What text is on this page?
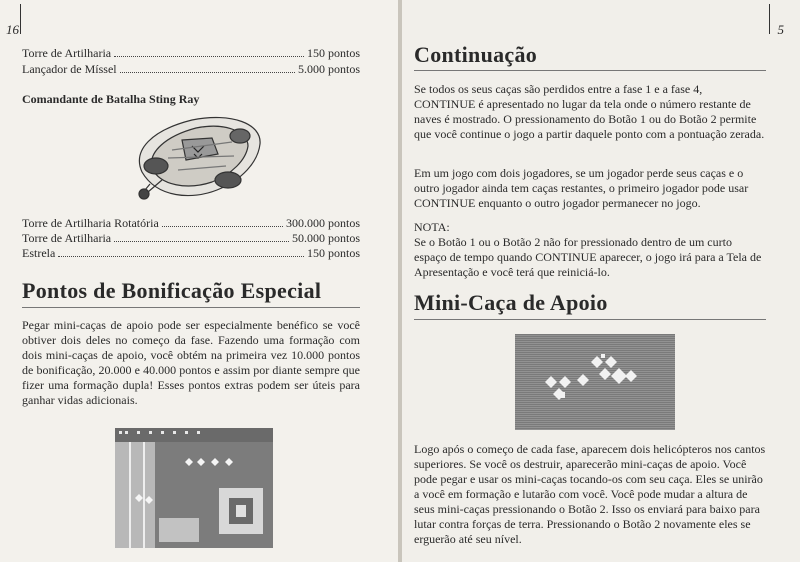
16
Torre de Artilharia	150 pontos
Lançador de Míssel	5.000 pontos
Comandante de Batalha Sting Ray
Torre de Artilharia Rotatória	300.000 pontos
Torre de Artilharia	50.000 pontos
Estrela	150 pontos
Pontos de Bonificação Especial

Pegar mini-caças de apoio pode ser especialmente benéfico se você obtiver dois deles no começo da fase. Fazendo uma formação com dois mini-caças de apoio, você obtém na primeira vez 10.000 pontos de bonificação, 20.000 e 40.000 pontos e assim por diante sempre que fizer uma formação dupla! Esses pontos extras podem ser úteis para ganhar vidas adicionais.

5
Continuação

Se todos os seus caças são perdidos entre a fase 1 e a fase 4, CONTINUE é apresentado no lugar da tela onde o número restante de naves é mostrado. O pressionamento do Botão 1 ou do Botão 2 permite que você continue o jogo a partir daquele ponto com a pontuação zerada.

Em um jogo com dois jogadores, se um jogador perde seus caças e o outro jogador ainda tem caças restantes, o primeiro jogador pode usar CONTINUE enquanto o outro jogador permanecer no jogo.

NOTA:

Se o Botão 1 ou o Botão 2 não for pressionado dentro de um curto espaço de tempo quando CONTINUE aparecer, o jogo irá para a Tela de Apresentação e você terá que reiniciá-lo.

Mini-Caça de Apoio

Logo após o começo de cada fase, aparecem dois helicópteros nos cantos superiores. Se você os destruir, aparecerão mini-caças de apoio. Você pode pegar e usar os mini-caças tocando-os com seu caça. Eles se unirão a você em formação e lutarão com você. Você pode mudar a altura de seus mini-caças pressionando o Botão 2. Isso os enviará para baixo para lutar contra forças de terra. Pressionando o Botão 2 novamente eles se erguerão até seu nível.
